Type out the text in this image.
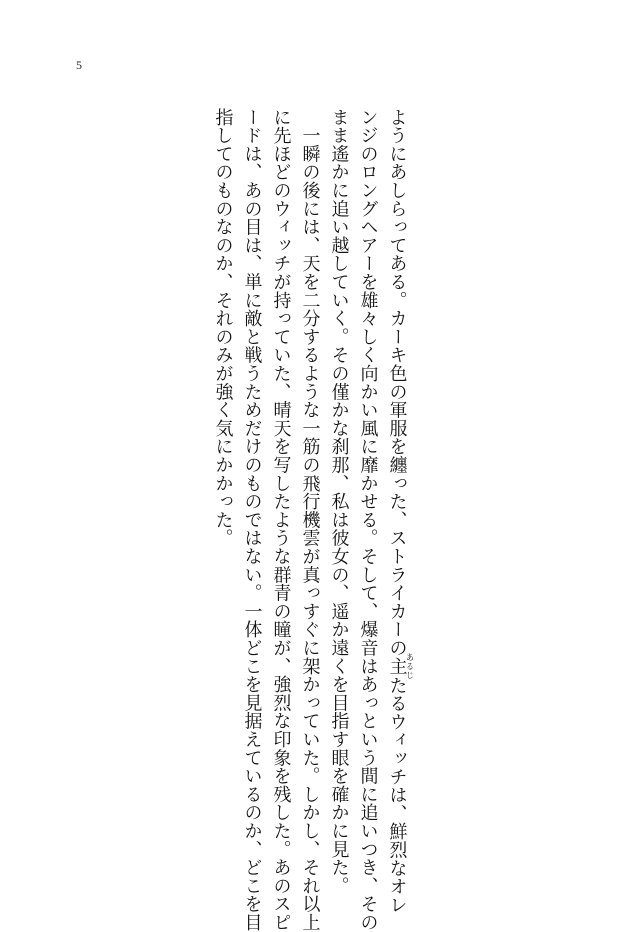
5
ようにあしらってある。カーキ色の軍服を纏った、ストライカーの主あるじたるウィッチは、鮮烈なオレ
ンジのロングヘアーを雄々しく向かい風に靡かせる。そして、爆音はあっという間に追いつき、その
まま遙かに追い越していく。その僅かな刹那、私は彼女の、遥か遠くを目指す眼を確かに見た。
　一瞬の後には、天を二分するような一筋の飛行機雲が真っすぐに架かっていた。しかし、それ以上
に先ほどのウィッチが持っていた、晴天を写したような群青の瞳が、強烈な印象を残した。あのスピ
ードは、あの目は、単に敵と戦うためだけのものではない。一体どこを見据えているのか、どこを目
指してのものなのか、それのみが強く気にかかった。
